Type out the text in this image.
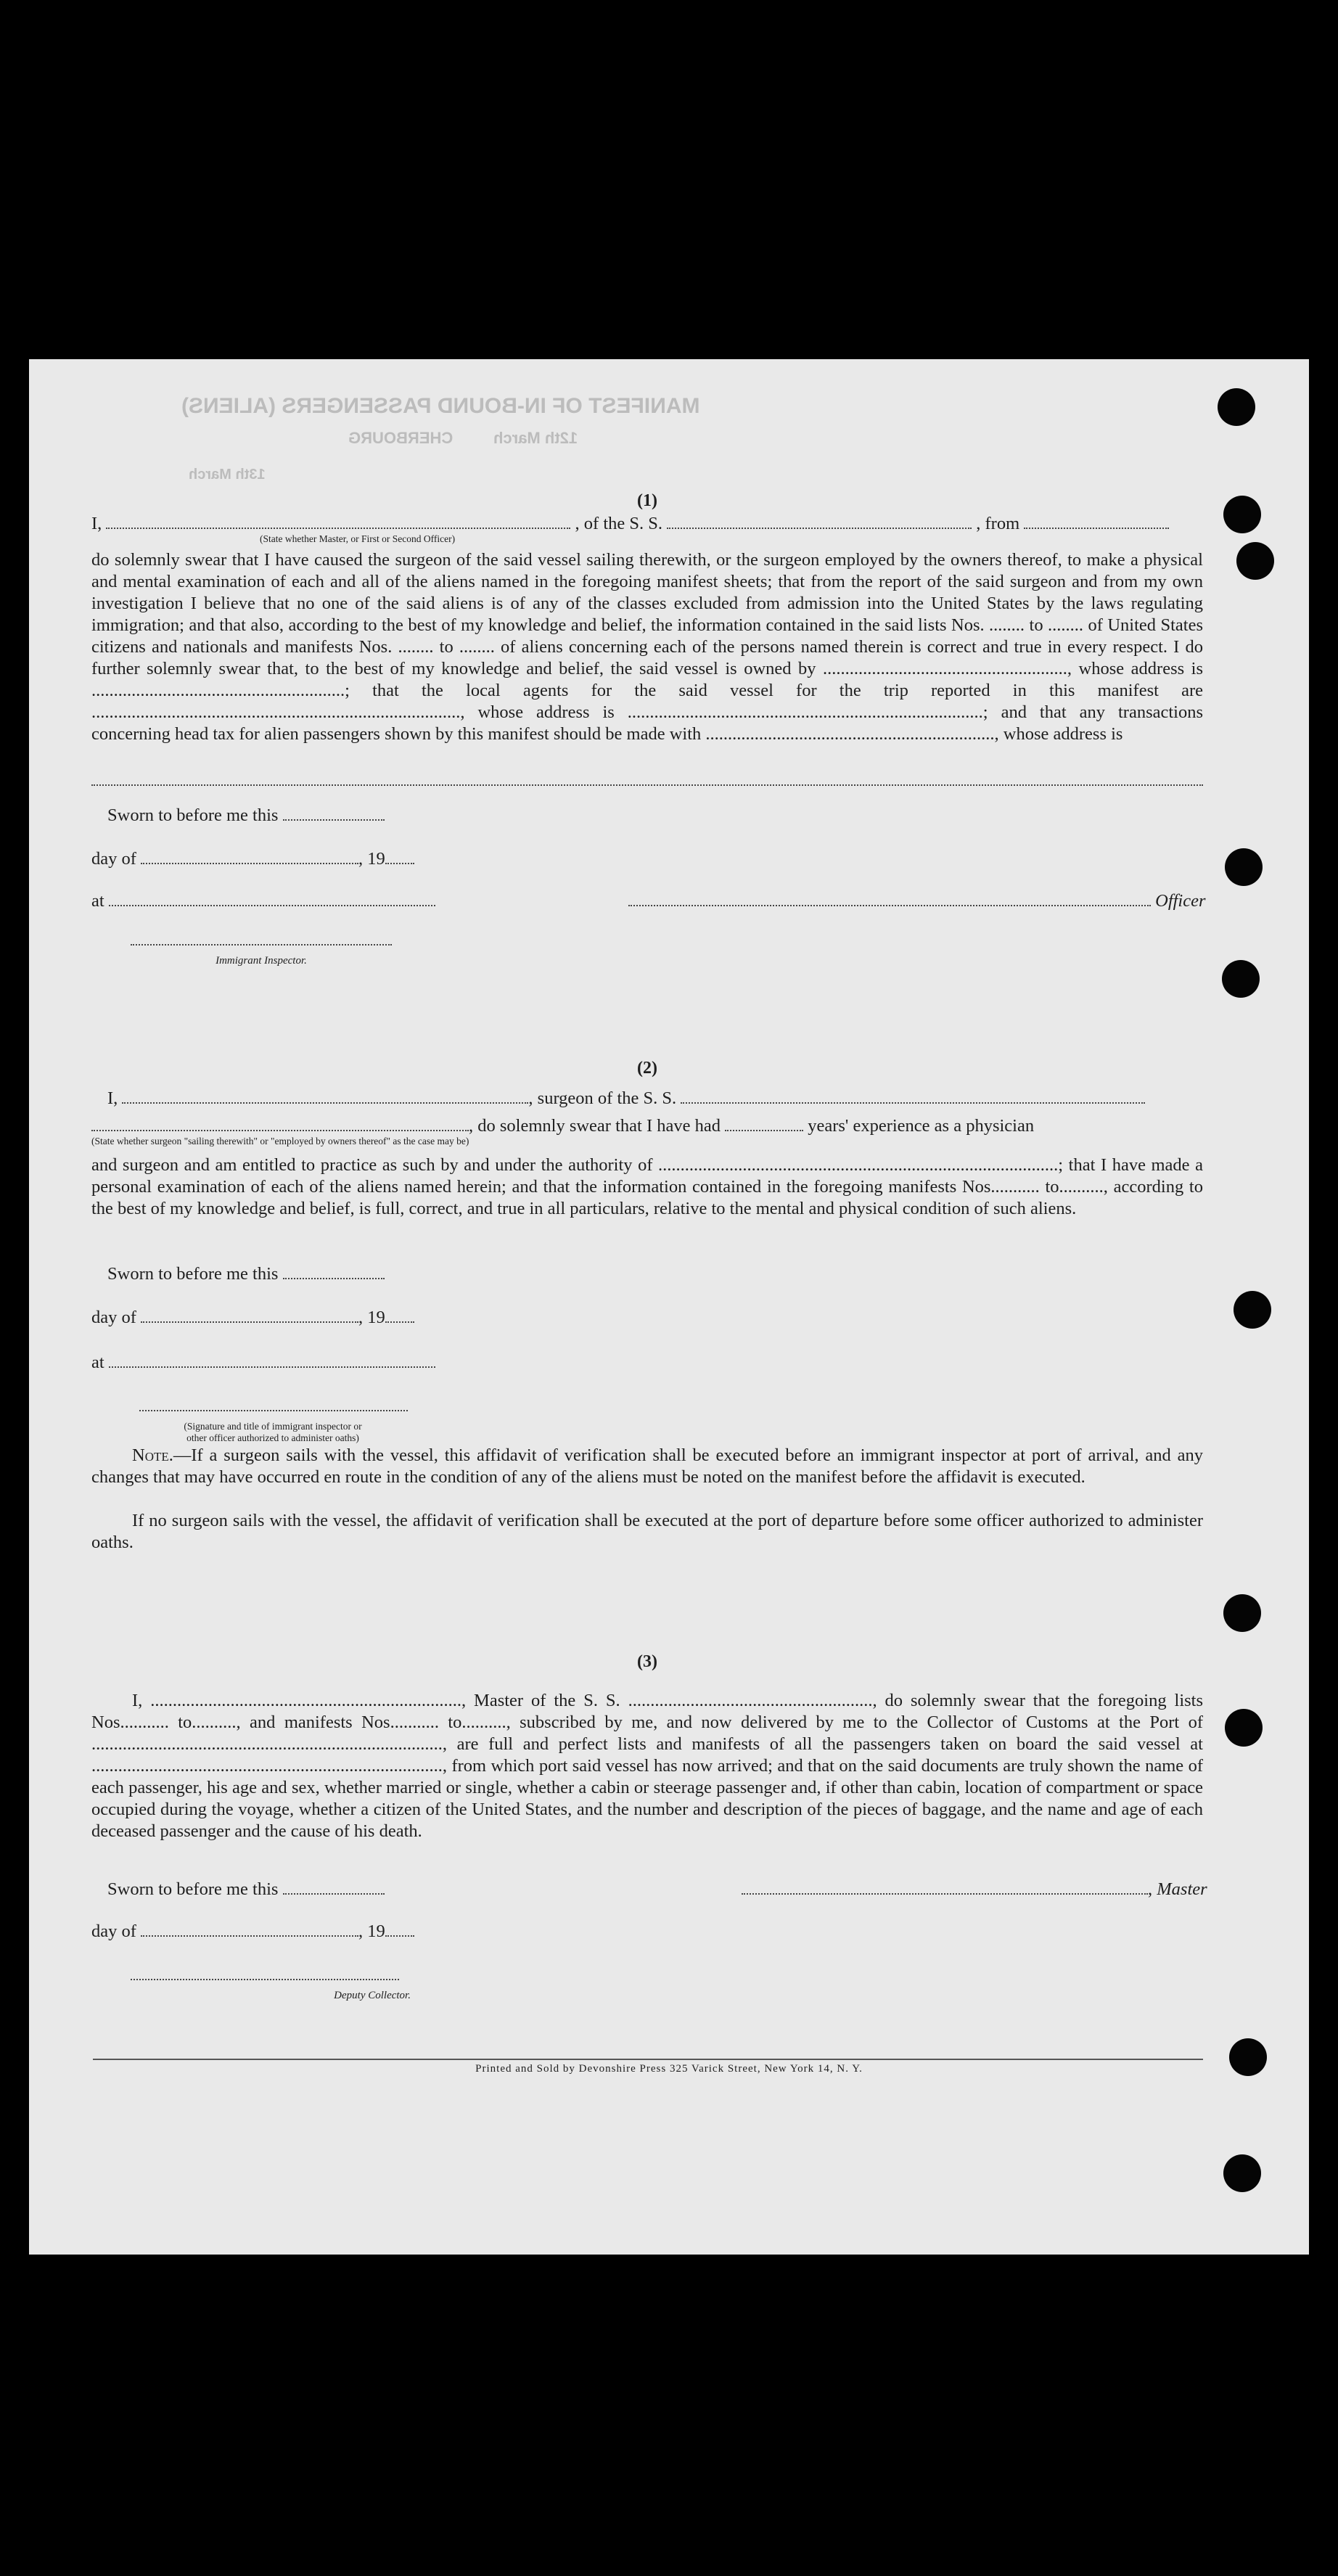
MANIFEST OF IN-BOUND PASSENGERS (ALIENS)
CHERBOURG	12th March
13th March
(1)
I,	, of the S. S.	, from
(State whether Master, or First or Second Officer)
do solemnly swear that I have caused the surgeon of the said vessel sailing therewith, or the surgeon employed by the owners thereof, to make a physical and mental examination of each and all of the aliens named in the foregoing manifest sheets; that from the report of the said surgeon and from my own investigation I believe that no one of the said aliens is of any of the classes excluded from admission into the United States by the laws regulating immigration; and that also, according to the best of my knowledge and belief, the information contained in the said lists Nos. ........ to ........ of United States citizens and nationals and manifests Nos. ........ to ........ of aliens concerning each of the persons named therein is correct and true in every respect. I do further solemnly swear that, to the best of my knowledge and belief, the said vessel is owned by ......................................................., whose address is .........................................................; that the local agents for the said vessel for the trip reported in this manifest are ..................................................................................., whose address is ................................................................................; and that any transactions concerning head tax for alien passengers shown by this manifest should be made with ................................................................., whose address is
Sworn to before me this
day of	, 19
at	Officer
Immigrant Inspector.
(2)
I,	, surgeon of the S. S.
, do solemnly swear that I have had	years' experience as a physician
(State whether surgeon "sailing therewith" or "employed by owners thereof" as the case may be)
and surgeon and am entitled to practice as such by and under the authority of ..........................................................................................; that I have made a personal examination of each of the aliens named herein; and that the information contained in the foregoing manifests Nos........... to.........., according to the best of my knowledge and belief, is full, correct, and true in all particulars, relative to the mental and physical condition of such aliens.
Sworn to before me this
day of	, 19
at
(Signature and title of immigrant inspector or
other officer authorized to administer oaths)
Note.—If a surgeon sails with the vessel, this affidavit of verification shall be executed before an immigrant inspector at port of arrival, and any changes that may have occurred en route in the condition of any of the aliens must be noted on the manifest before the affidavit is executed.
If no surgeon sails with the vessel, the affidavit of verification shall be executed at the port of departure before some officer authorized to administer oaths.
(3)
I, ......................................................................, Master of the S. S. ......................................................., do solemnly swear that the foregoing lists Nos........... to.........., and manifests Nos........... to.........., subscribed by me, and now delivered by me to the Collector of Customs at the Port of ..............................................................................., are full and perfect lists and manifests of all the passengers taken on board the said vessel at ..............................................................................., from which port said vessel has now arrived; and that on the said documents are truly shown the name of each passenger, his age and sex, whether married or single, whether a cabin or steerage passenger and, if other than cabin, location of compartment or space occupied during the voyage, whether a citizen of the United States, and the number and description of the pieces of baggage, and the name and age of each deceased passenger and the cause of his death.
Sworn to before me this	, Master
day of	, 19
Deputy Collector.
Printed and Sold by Devonshire Press 325 Varick Street, New York 14, N. Y.
